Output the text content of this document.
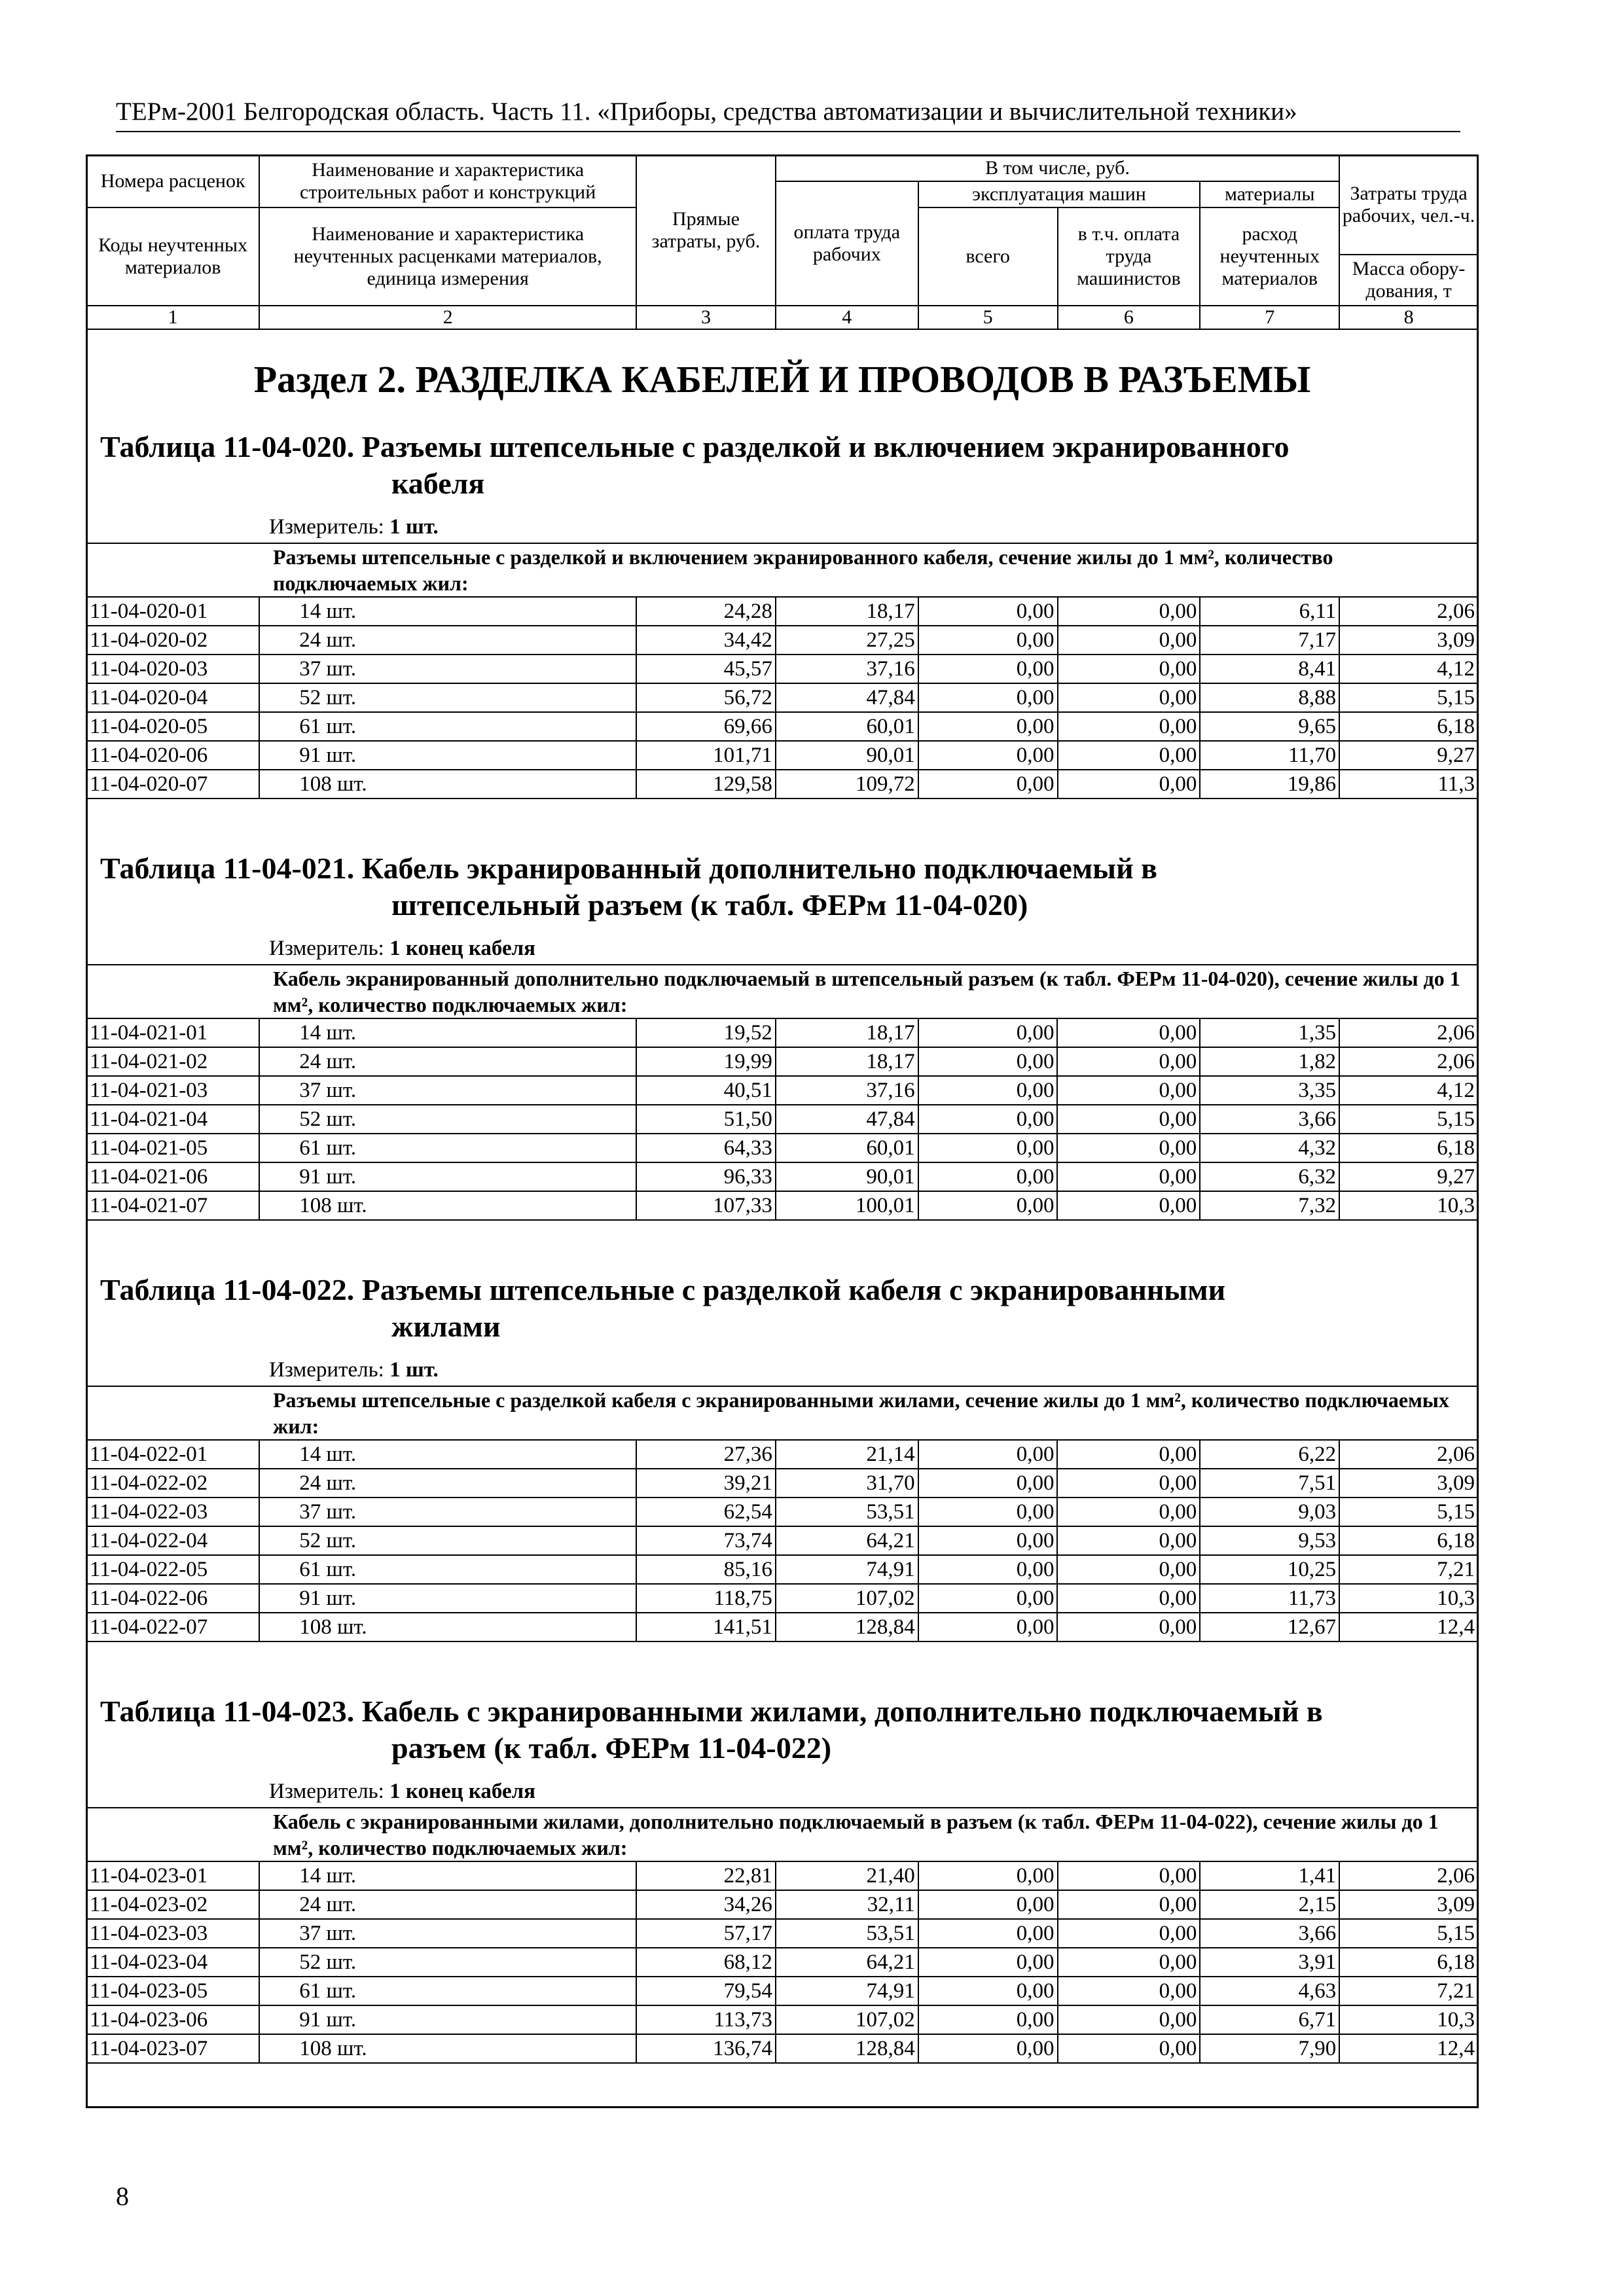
ТЕРм-2001 Белгородская область. Часть 11. «Приборы, средства автоматизации и вычислительной техники»
Номера расценок	Наименование и характеристика строительных работ и конструкций	Прямые затраты, руб.	В том числе, руб.				Затраты труда рабочих, чел.-ч.
			оплата труда рабочих	эксплуатация машин		материалы	
Коды неучтенных материалов	Наименование и характеристика неучтенных расценками материалов, единица измерения			всего	в т.ч. оплата труда машинистов	расход неучтенных материалов	
							Масса обору-дования, т
1	2	3	4	5	6	7	8
Раздел 2. РАЗДЕЛКА КАБЕЛЕЙ И ПРОВОДОВ В РАЗЪЕМЫ
Таблица 11-04-020. Разъемы штепсельные с разделкой и включением экранированного
кабеля
Измеритель: 1 шт.
Разъемы штепсельные с разделкой и включением экранированного кабеля, сечение жилы до 1 мм², количество подключаемых жил:							
11-04-020-01	14 шт.	24,28	18,17	0,00	0,00	6,11	2,06
11-04-020-02	24 шт.	34,42	27,25	0,00	0,00	7,17	3,09
11-04-020-03	37 шт.	45,57	37,16	0,00	0,00	8,41	4,12
11-04-020-04	52 шт.	56,72	47,84	0,00	0,00	8,88	5,15
11-04-020-05	61 шт.	69,66	60,01	0,00	0,00	9,65	6,18
11-04-020-06	91 шт.	101,71	90,01	0,00	0,00	11,70	9,27
11-04-020-07	108 шт.	129,58	109,72	0,00	0,00	19,86	11,3
Таблица 11-04-021. Кабель экранированный дополнительно подключаемый в
штепсельный разъем (к табл. ФЕРм 11-04-020)
Измеритель: 1 конец кабеля
Кабель экранированный дополнительно подключаемый в штепсельный разъем (к табл. ФЕРм 11-04-020), сечение жилы до 1 мм², количество подключаемых жил:							
11-04-021-01	14 шт.	19,52	18,17	0,00	0,00	1,35	2,06
11-04-021-02	24 шт.	19,99	18,17	0,00	0,00	1,82	2,06
11-04-021-03	37 шт.	40,51	37,16	0,00	0,00	3,35	4,12
11-04-021-04	52 шт.	51,50	47,84	0,00	0,00	3,66	5,15
11-04-021-05	61 шт.	64,33	60,01	0,00	0,00	4,32	6,18
11-04-021-06	91 шт.	96,33	90,01	0,00	0,00	6,32	9,27
11-04-021-07	108 шт.	107,33	100,01	0,00	0,00	7,32	10,3
Таблица 11-04-022. Разъемы штепсельные с разделкой кабеля с экранированными
жилами
Измеритель: 1 шт.
Разъемы штепсельные с разделкой кабеля с экранированными жилами, сечение жилы до 1 мм², количество подключаемых жил:							
11-04-022-01	14 шт.	27,36	21,14	0,00	0,00	6,22	2,06
11-04-022-02	24 шт.	39,21	31,70	0,00	0,00	7,51	3,09
11-04-022-03	37 шт.	62,54	53,51	0,00	0,00	9,03	5,15
11-04-022-04	52 шт.	73,74	64,21	0,00	0,00	9,53	6,18
11-04-022-05	61 шт.	85,16	74,91	0,00	0,00	10,25	7,21
11-04-022-06	91 шт.	118,75	107,02	0,00	0,00	11,73	10,3
11-04-022-07	108 шт.	141,51	128,84	0,00	0,00	12,67	12,4
Таблица 11-04-023. Кабель с экранированными жилами, дополнительно подключаемый в
разъем (к табл. ФЕРм 11-04-022)
Измеритель: 1 конец кабеля
Кабель с экранированными жилами, дополнительно подключаемый в разъем (к табл. ФЕРм 11-04-022), сечение жилы до 1 мм², количество подключаемых жил:							
11-04-023-01	14 шт.	22,81	21,40	0,00	0,00	1,41	2,06
11-04-023-02	24 шт.	34,26	32,11	0,00	0,00	2,15	3,09
11-04-023-03	37 шт.	57,17	53,51	0,00	0,00	3,66	5,15
11-04-023-04	52 шт.	68,12	64,21	0,00	0,00	3,91	6,18
11-04-023-05	61 шт.	79,54	74,91	0,00	0,00	4,63	7,21
11-04-023-06	91 шт.	113,73	107,02	0,00	0,00	6,71	10,3
11-04-023-07	108 шт.	136,74	128,84	0,00	0,00	7,90	12,4
8
